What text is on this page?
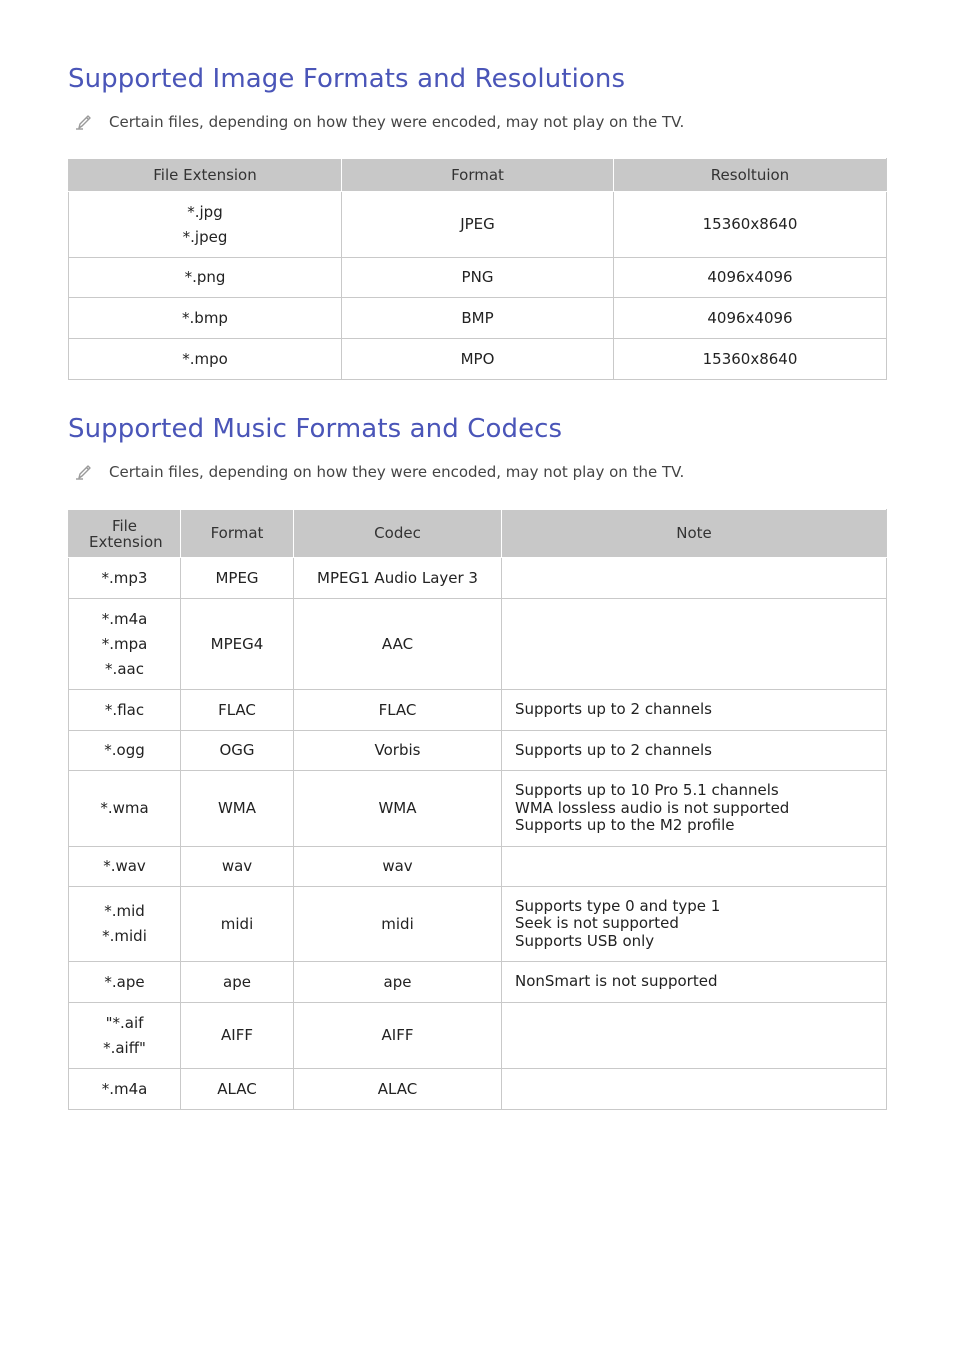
Supported Image Formats and Resolutions
Certain files, depending on how they were encoded, may not play on the TV.
File Extension	Format	Resoltuion

*.jpg
*.jpeg	JPEG	15360x8640

*.png	PNG	4096x4096

*.bmp	BMP	4096x4096

*.mpo	MPO	15360x8640
Supported Music Formats and Codecs
Certain files, depending on how they were encoded, may not play on the TV.
File Extension	Format	Codec	Note

*.mp3	MPEG	MPEG1 Audio Layer 3	

*.m4a
*.mpa
*.aac	MPEG4	AAC	

*.flac	FLAC	FLAC	Supports up to 2 channels

*.ogg	OGG	Vorbis	Supports up to 2 channels

*.wma	WMA	WMA	Supports up to 10 Pro 5.1 channels
WMA lossless audio is not supported
Supports up to the M2 profile

*.wav	wav	wav	

*.mid
*.midi	midi	midi	Supports type 0 and type 1
Seek is not supported
Supports USB only

*.ape	ape	ape	NonSmart is not supported

"*.aif
*.aiff"	AIFF	AIFF	

*.m4a	ALAC	ALAC	
